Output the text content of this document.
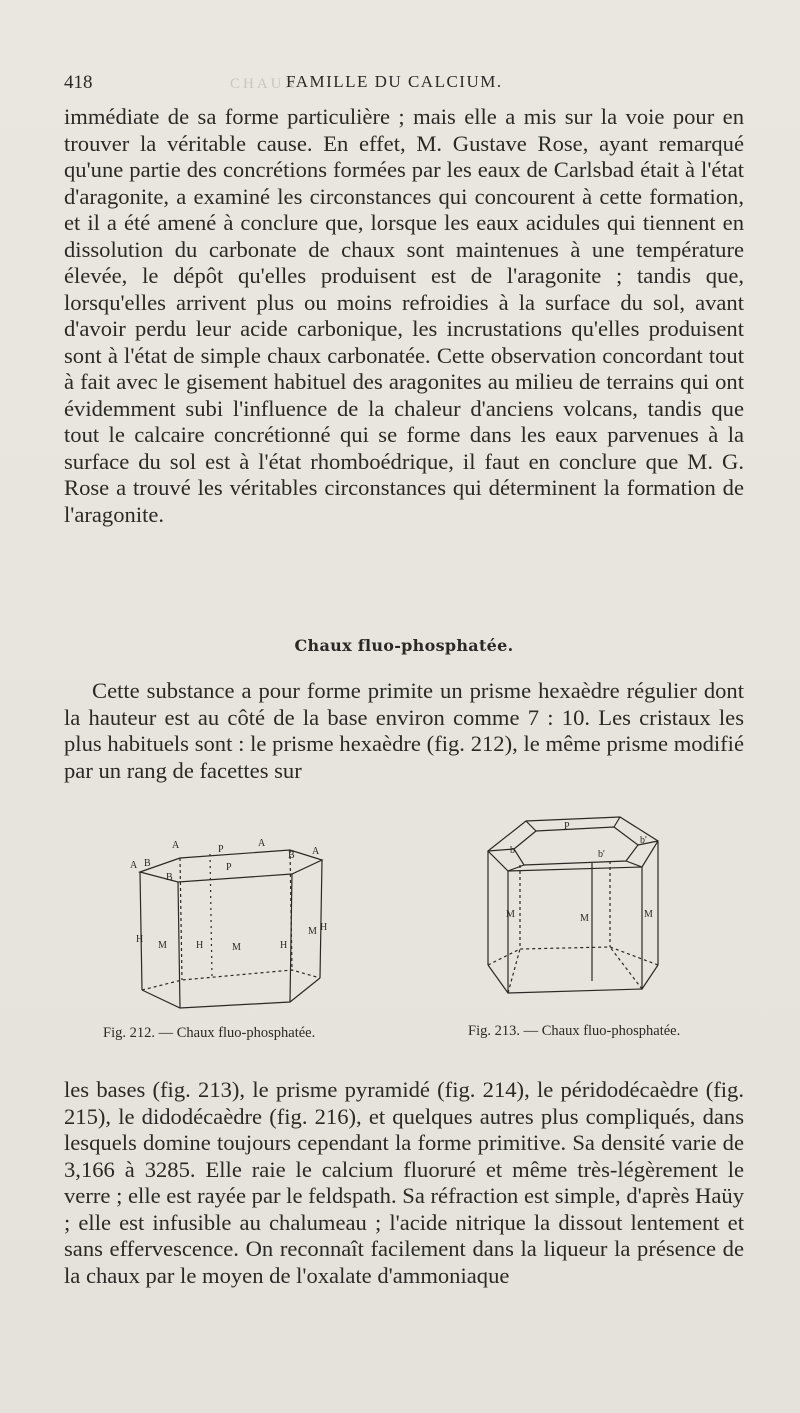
CHAUX
418	FAMILLE DU CALCIUM.

immédiate de sa forme particulière ; mais elle a mis sur la voie pour en trouver la véritable cause. En effet, M. Gustave Rose, ayant remarqué qu'une partie des concrétions formées par les eaux de Carlsbad était à l'état d'aragonite, a examiné les circonstances qui concourent à cette formation, et il a été amené à conclure que, lorsque les eaux acidules qui tiennent en dissolution du carbonate de chaux sont maintenues à une température élevée, le dépôt qu'elles produisent est de l'aragonite ; tandis que, lorsqu'elles arrivent plus ou moins refroidies à la surface du sol, avant d'avoir perdu leur acide carbonique, les incrustations qu'elles produisent sont à l'état de simple chaux carbonatée. Cette observation concordant tout à fait avec le gisement habituel des aragonites au milieu de terrains qui ont évidemment subi l'influence de la chaleur d'anciens volcans, tandis que tout le calcaire concrétionné qui se forme dans les eaux parvenues à la surface du sol est à l'état rhomboédrique, il faut en conclure que M. G. Rose a trouvé les véritables circonstances qui déterminent la formation de l'aragonite.

Chaux fluo-phosphatée.

Cette substance a pour forme primite un prisme hexaèdre régulier dont la hauteur est au côté de la base environ comme 7 : 10. Les cristaux les plus habituels sont : le prisme hexaèdre (fig. 212), le même prisme modifié par un rang de facettes sur

A	P
A
A
A
B
B
P
B
H
M	H	M	H
M H
Fig. 212. — Chaux fluo-phosphatée.
P
b	b'
b'
M	M	M
Fig. 213. — Chaux fluo-phosphatée.

les bases (fig. 213), le prisme pyramidé (fig. 214), le péridodécaèdre (fig. 215), le didodécaèdre (fig. 216), et quelques autres plus compliqués, dans lesquels domine toujours cependant la forme primitive. Sa densité varie de 3,166 à 3285. Elle raie le calcium fluoruré et même très-légèrement le verre ; elle est rayée par le feldspath. Sa réfraction est simple, d'après Haüy ; elle est infusible au chalumeau ; l'acide nitrique la dissout lentement et sans effervescence. On reconnaît facilement dans la liqueur la présence de la chaux par le moyen de l'oxalate d'ammoniaque
